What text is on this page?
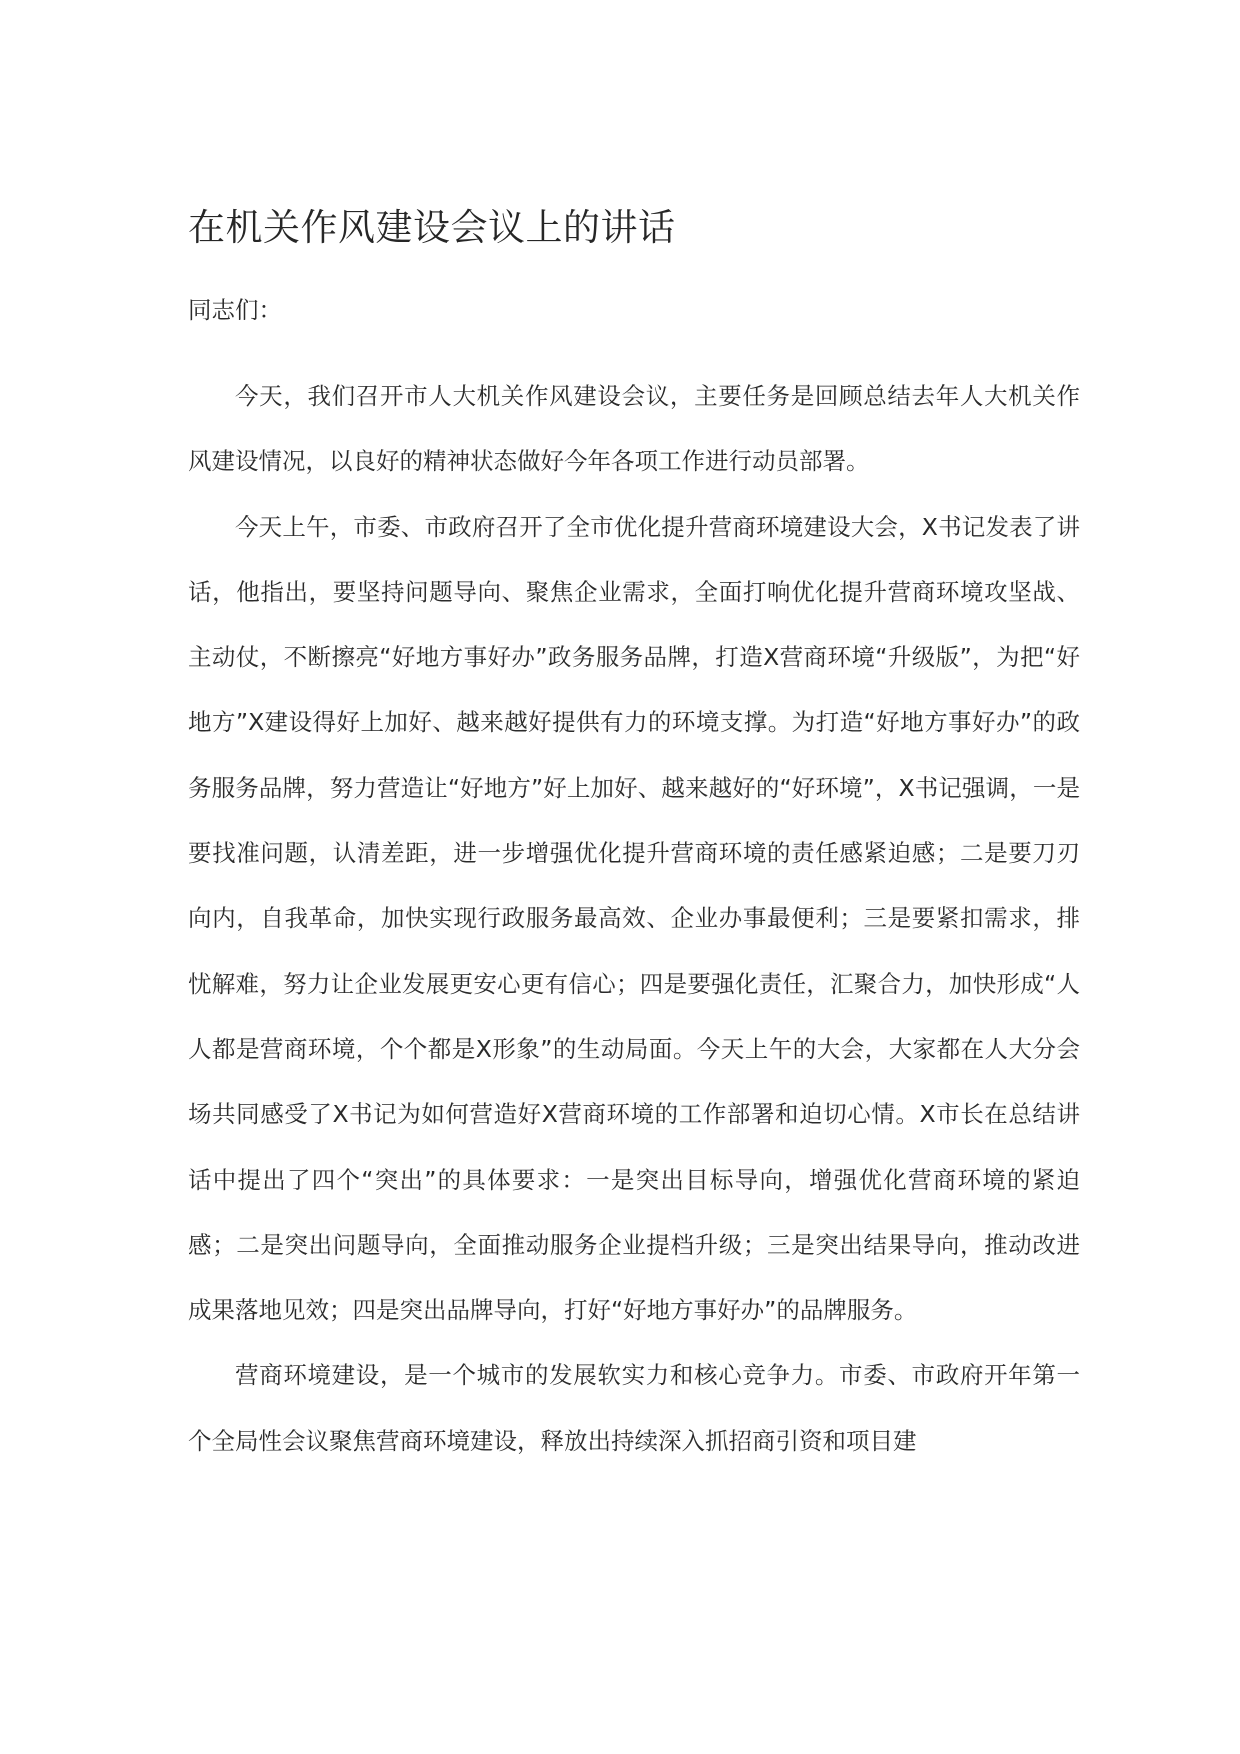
在机关作风建设会议上的讲话

同志们：

今天，我们召开市人大机关作风建设会议，主要任务是回顾总结去年人大机关作风建设情况，以良好的精神状态做好今年各项工作进行动员部署。

今天上午，市委、市政府召开了全市优化提升营商环境建设大会，X书记发表了讲话，他指出，要坚持问题导向、聚焦企业需求，全面打响优化提升营商环境攻坚战、主动仗，不断擦亮“好地方事好办”政务服务品牌，打造X营商环境“升级版”，为把“好地方”X建设得好上加好、越来越好提供有力的环境支撑。为打造“好地方事好办”的政务服务品牌，努力营造让“好地方”好上加好、越来越好的“好环境”，X书记强调，一是要找准问题，认清差距，进一步增强优化提升营商环境的责任感紧迫感；二是要刀刃向内，自我革命，加快实现行政服务最高效、企业办事最便利；三是要紧扣需求，排忧解难，努力让企业发展更安心更有信心；四是要强化责任，汇聚合力，加快形成“人人都是营商环境，个个都是X形象”的生动局面。今天上午的大会，大家都在人大分会场共同感受了X书记为如何营造好X营商环境的工作部署和迫切心情。X市长在总结讲话中提出了四个“突出”的具体要求：一是突出目标导向，增强优化营商环境的紧迫感；二是突出问题导向，全面推动服务企业提档升级；三是突出结果导向，推动改进成果落地见效；四是突出品牌导向，打好“好地方事好办”的品牌服务。

营商环境建设，是一个城市的发展软实力和核心竞争力。市委、市政府开年第一个全局性会议聚焦营商环境建设，释放出持续深入抓招商引资和项目建
